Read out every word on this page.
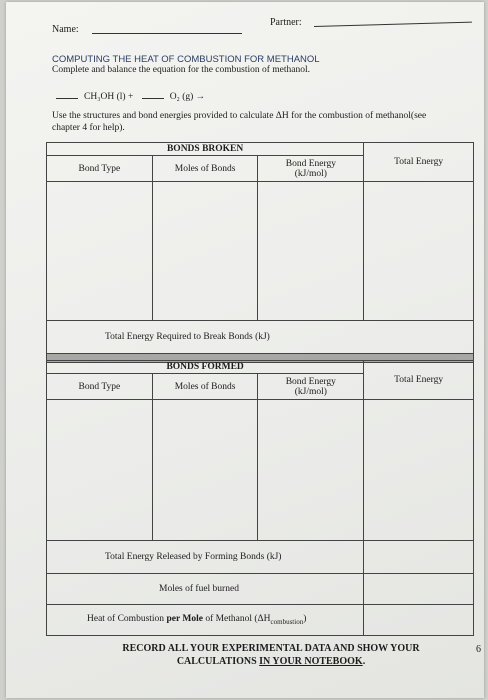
Name:
Partner:
COMPUTING THE HEAT OF COMBUSTION FOR METHANOL
Complete and balance the equation for the combustion of methanol.
CH₃OH (l) +	O₂ (g) →
Use the structures and bond energies provided to calculate ΔH for the combustion of methanol(see chapter 4 for help).
BONDS BROKEN			Total Energy
Bond Type	Moles of Bonds	Bond Energy
(kJ/mol)	

Total Energy Required to Break Bonds (kJ)			

BONDS FORMED			Total Energy
Bond Type	Moles of Bonds	Bond Energy
(kJ/mol)	

Total Energy Released by Forming Bonds (kJ)			
Moles of fuel burned			
Heat of Combustion per Mole of Methanol $(\Delta H_{combustion})$			
RECORD ALL YOUR EXPERIMENTAL DATA AND SHOW YOUR
CALCULATIONS IN YOUR NOTEBOOK.
6
